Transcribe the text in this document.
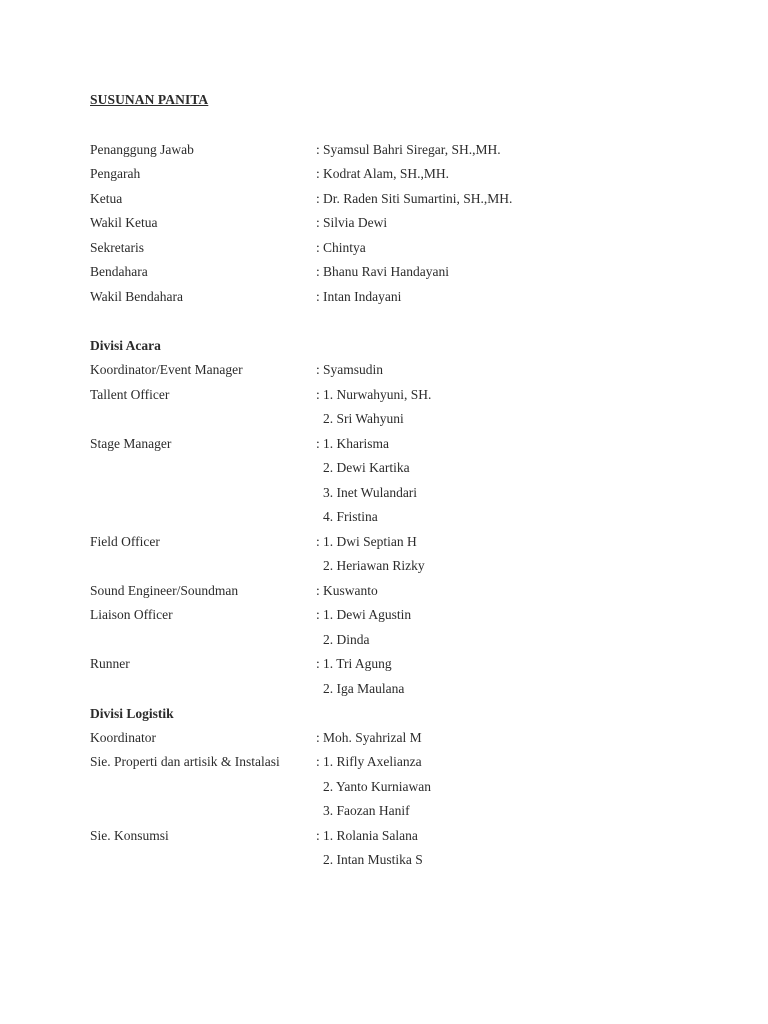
SUSUNAN PANITA
Penanggung Jawab	: Syamsul Bahri Siregar, SH.,MH.
Pengarah	: Kodrat Alam, SH.,MH.
Ketua	: Dr. Raden Siti Sumartini, SH.,MH.
Wakil Ketua	: Silvia Dewi
Sekretaris	: Chintya
Bendahara	: Bhanu Ravi Handayani
Wakil Bendahara	: Intan Indayani
Divisi Acara
Koordinator/Event Manager	: Syamsudin
Tallent Officer	: 1. Nurwahyuni, SH.
2. Sri Wahyuni
Stage Manager	: 1. Kharisma
2. Dewi Kartika
3. Inet Wulandari
4. Fristina
Field Officer	: 1. Dwi Septian H
2. Heriawan Rizky
Sound Engineer/Soundman	: Kuswanto
Liaison Officer	: 1. Dewi Agustin
2. Dinda
Runner	: 1. Tri Agung
2. Iga Maulana
Divisi Logistik
Koordinator	: Moh. Syahrizal M
Sie. Properti dan artisik & Instalasi	: 1. Rifly Axelianza
2. Yanto Kurniawan
3. Faozan Hanif
Sie. Konsumsi	: 1. Rolania Salana
2. Intan Mustika S
